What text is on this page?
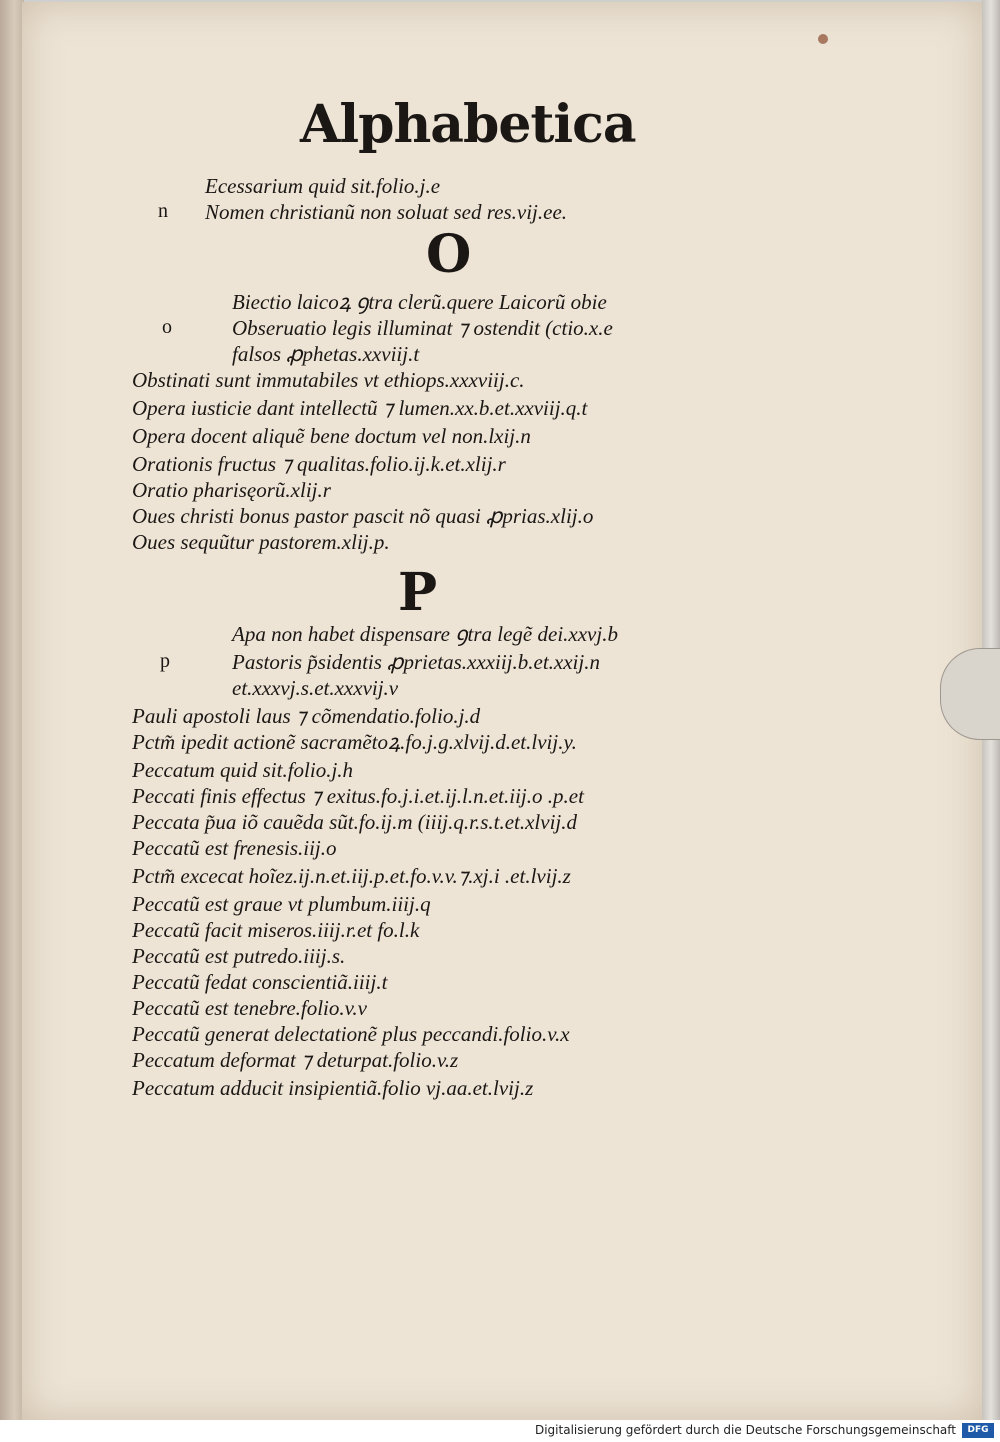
Alphabetica
n
Ecessarium quid sit.folio.j.e
Nomen christianũ non soluat sed res.vij.ee.
O
o
Biectio laicoꝝ ꝯtra clerũ.quere Laicorũ obie
Obseruatio legis illuminat ⁊ ostendit (ctio.x.e
falsos ꝓphetas.xxviij.t
Obstinati sunt immutabiles vt ethiops.xxxviij.c.
Opera iusticie dant intellectũ ⁊ lumen.xx.b.et.xxviij.q.t
Opera docent aliquẽ bene doctum vel non.lxij.n
Orationis fructus ⁊ qualitas.folio.ij.k.et.xlij.r
Oratio pharisęorũ.xlij.r
Oues christi bonus pastor pascit nõ quasi ꝓprias.xlij.o
Oues sequũtur pastorem.xlij.p.
P
p
Apa non habet dispensare ꝯtra legẽ dei.xxvj.b
Pastoris p̃sidentis ꝓprietas.xxxiij.b.et.xxij.n
et.xxxvj.s.et.xxxvij.v
Pauli apostoli laus ⁊ cõmendatio.folio.j.d
Pctm̃ ipedit actionẽ sacramẽtoꝝ.fo.j.g.xlvij.d.et.lvij.y.
Peccatum quid sit.folio.j.h
Peccati finis effectus ⁊ exitus.fo.j.i.et.ij.l.n.et.iij.o .p.et
Peccata p̃ua iõ cauẽda sũt.fo.ij.m (iiij.q.r.s.t.et.xlvij.d
Peccatũ est frenesis.iij.o
Pctm̃ excecat hoĩez.ij.n.et.iij.p.et.fo.v.v.⁊.xj.i .et.lvij.z
Peccatũ est graue vt plumbum.iiij.q
Peccatũ facit miseros.iiij.r.et fo.l.k
Peccatũ est putredo.iiij.s.
Peccatũ fedat conscientiã.iiij.t
Peccatũ est tenebre.folio.v.v
Peccatũ generat delectationẽ plus peccandi.folio.v.x
Peccatum deformat ⁊ deturpat.folio.v.z
Peccatum adducit insipientiã.folio vj.aa.et.lvij.z
Digitalisierung gefördert durch die Deutsche Forschungsgemeinschaft	DFG
